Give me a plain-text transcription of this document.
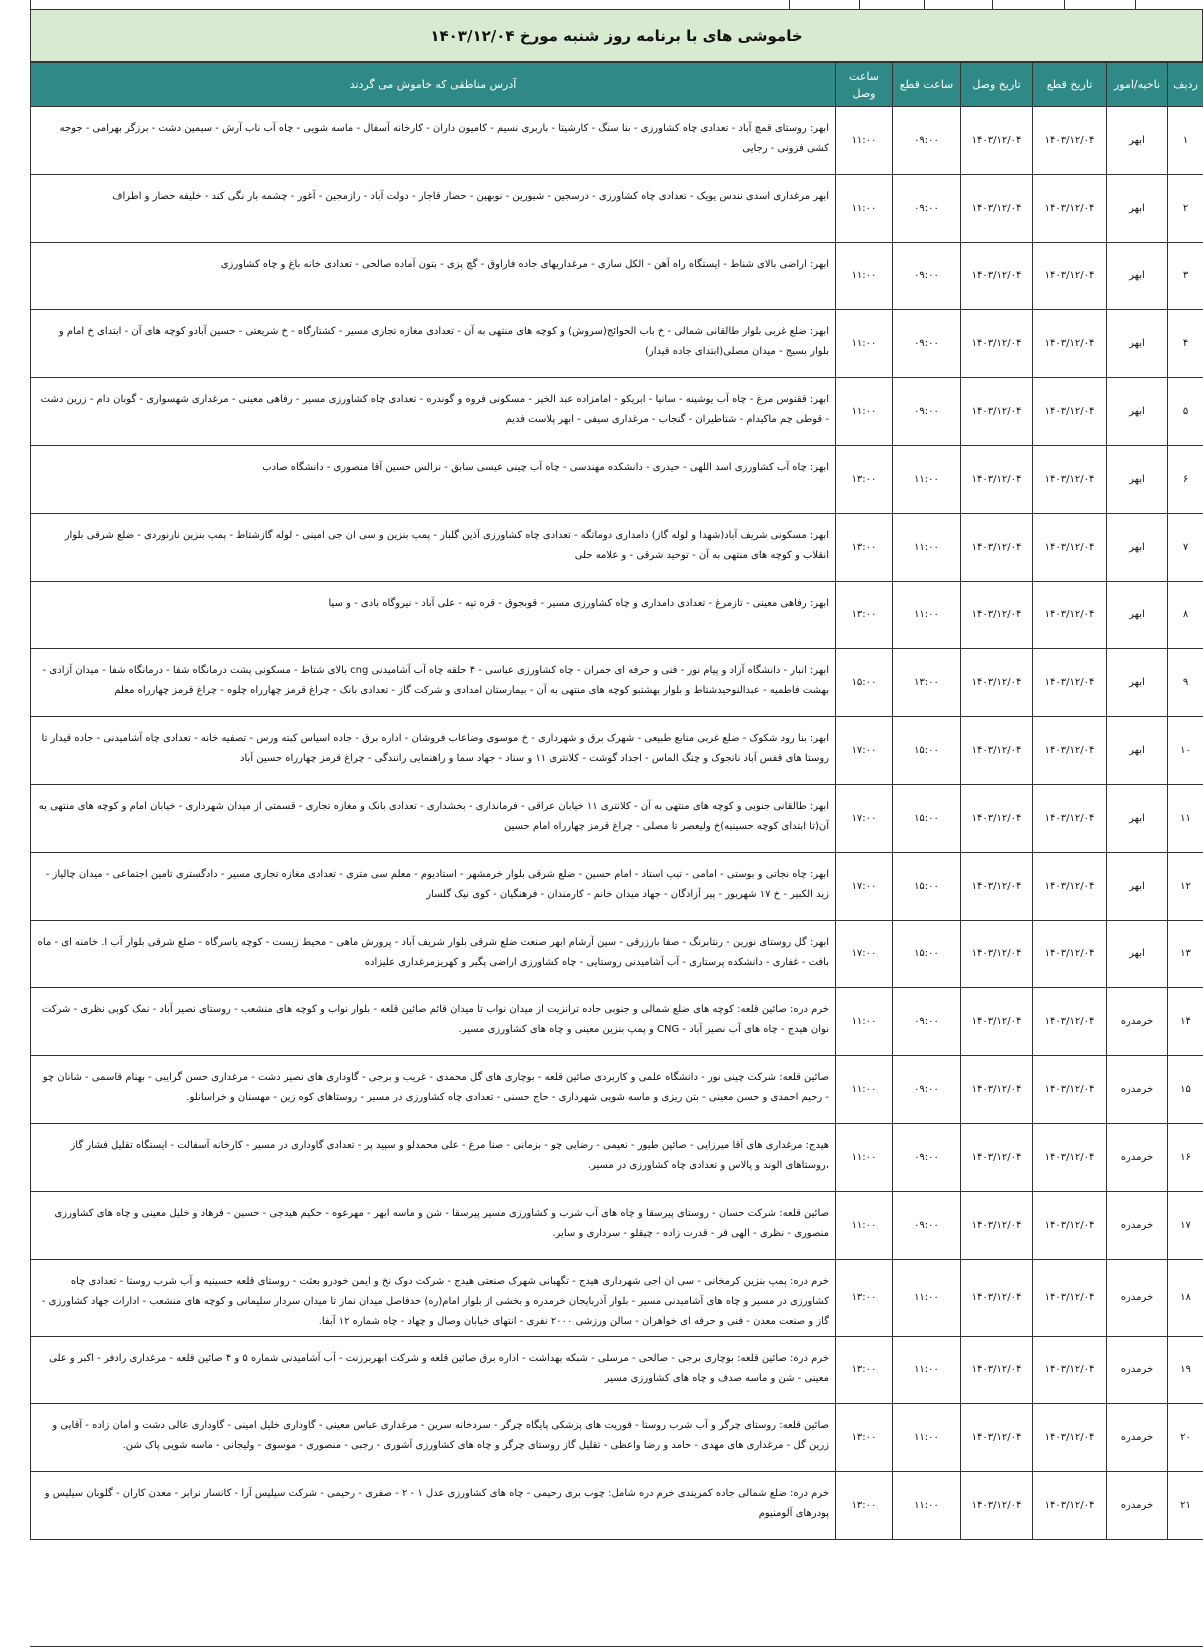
خاموشی های با برنامه روز شنبه مورخ ۱۴۰۳/۱۲/۰۴
ردیف	ناحیه/امور	تاریخ قطع	تاریخ وصل	ساعت قطع	ساعت وصل	آدرس مناطقی که خاموش می گردند
۱	ابهر	۱۴۰۳/۱۲/۰۴	۱۴۰۳/۱۲/۰۴	۰۹:۰۰	۱۱:۰۰	ابهر: روستای قمچ آباد - تعدادی چاه کشاورزی - بنا سنگ - کارشیتا - باربری نسیم - کامیون داران - کارخانه آسفال - ماسه شویی - چاه آب ناب آرش - سیمین دشت - برزگر بهرامی - جوجه کشی فزونی - رجایی
۲	ابهر	۱۴۰۳/۱۲/۰۴	۱۴۰۳/۱۲/۰۴	۰۹:۰۰	۱۱:۰۰	ابهر مرغداری اسدی نندس یویک - تعدادی چاه کشاورزی - درسجین - شیورین - نوبهین - حصار قاجار - دولت آباد - رازمجین - آغور - چشمه بار نگی کند - خلیفه حصار و اطراف
۳	ابهر	۱۴۰۳/۱۲/۰۴	۱۴۰۳/۱۲/۰۴	۰۹:۰۰	۱۱:۰۰	ابهر: اراضی بالای شناط - ایستگاه راه آهن - الکل سازی - مرغداریهای جاده فاراوق - گچ پزی - بتون آماده صالحی - تعدادی خانه باغ و چاه کشاورزی
۴	ابهر	۱۴۰۳/۱۲/۰۴	۱۴۰۳/۱۲/۰۴	۰۹:۰۰	۱۱:۰۰	ابهر: ضلع غربی بلوار طالقانی شمالی - خ باب الحوائج(سروش) و کوچه های منتهی به آن - تعدادی مغازه تجاری مسیر - کشتارگاه - خ شریعتی - حسین آبادو کوچه های آن - ابتدای خ امام و بلوار بسیج - میدان مصلی(ابتدای جاده قیدار)
۵	ابهر	۱۴۰۳/۱۲/۰۴	۱۴۰۳/۱۲/۰۴	۰۹:۰۰	۱۱:۰۰	ابهر: ققنوس مرغ - چاه آب یوشینه - سانیا - ابریکو - امامزاده عبد الخیر - مسکونی فروه و گوندره - تعدادی چاه کشاورزی مسیر - رفاهی معینی - مرغداری شهسواری - گوبان دام - زرین دشت - قوطی چم ماکیدام - شتاطیران - گنجاب - مرغداری سیفی - ابهر پلاست فدیم
۶	ابهر	۱۴۰۳/۱۲/۰۴	۱۴۰۳/۱۲/۰۴	۱۱:۰۰	۱۳:۰۰	ابهر: چاه آب کشاورزی اسد اللهی - حیدری - دانشکده مهندسی - چاه آب چینی عیسی سابق - نرالس حسین آقا منصوری - دانشگاه صادب
۷	ابهر	۱۴۰۳/۱۲/۰۴	۱۴۰۳/۱۲/۰۴	۱۱:۰۰	۱۳:۰۰	ابهر: مسکونی شریف آباد(شهدا و لوله گاز) دامداری دوماتگه - تعدادی چاه کشاورزی آذین گلبار - پمپ بنزین و سی ان جی امینی - لوله گازشتاط - پمپ بنزین نارنوردی - ضلع شرقی بلوار انقلاب و کوچه های منتهی به آن - توحید شرقی - و علامه حلی
۸	ابهر	۱۴۰۳/۱۲/۰۴	۱۴۰۳/۱۲/۰۴	۱۱:۰۰	۱۳:۰۰	ابهر: رفاهی معینی - تازمرغ - تعدادی دامداری و چاه کشاورزی مسیر - قوبجوق - قره تپه - علی آباد - نیروگاه بادی - و سیا
۹	ابهر	۱۴۰۳/۱۲/۰۴	۱۴۰۳/۱۲/۰۴	۱۳:۰۰	۱۵:۰۰	ابهر: انبار - دانشگاه آزاد و پیام نور - فنی و حرفه ای جمران - چاه کشاورزی عباسی - ۴ حلقه چاه آب آشامیدنی cng بالای شتاط - مسکونی پشت درمانگاه شفا - درمانگاه شفا - میدان آزادی - بهشت فاطمیه - عبدالنوحیدشتاط و بلوار بهشتبو کوچه های منتهی به آن - بیمارستان امدادی و شرکت گاز - تعدادی بانک - چراغ قرمز چهارراه چلوه - چراغ قرمز چهارراه معلم
۱۰	ابهر	۱۴۰۳/۱۲/۰۴	۱۴۰۳/۱۲/۰۴	۱۵:۰۰	۱۷:۰۰	ابهر: بنا رود شکوک - ضلع غربی منابع طبیعی - شهرک برق و شهرداری - خ موسوی وضاعاب فروشان - اداره برق - جاده اسیاس کبته ورس - تصفیه خانه - تعدادی چاه آشامیدنی - جاده قیدار تا روستا های قفس آباد نانجوک و چنگ الماس - اجداد گوشت - کلانتری ۱۱ و سناد - جهاد سما و راهنمایی رانندگی - چراغ قرمز چهارراه حسین آباد
۱۱	ابهر	۱۴۰۳/۱۲/۰۴	۱۴۰۳/۱۲/۰۴	۱۵:۰۰	۱۷:۰۰	ابهر: طالقانی جنوبی و کوچه های منتهی به آن - کلانتری ۱۱ خیابان عراقی - فرمانداری - بخشداری - تعدادی بانک و مغازه تجاری - قسمتی از میدان شهرداری - خیابان امام و کوچه های منتهی به آن(تا ابتدای کوچه حسینیه)خ ولیعصر تا مصلی - چراغ قرمز چهارراه امام حسین
۱۲	ابهر	۱۴۰۳/۱۲/۰۴	۱۴۰۳/۱۲/۰۴	۱۵:۰۰	۱۷:۰۰	ابهر: چاه نجاتی و بوستی - امامی - تیپ استاد - امام حسین - ضلع شرقی بلوار خرمشهر - استادیوم - معلم سی متری - تعدادی مغازه تجاری مسیر - دادگستری تامین اجتماعی - میدان چالیاز - زید الکبیر - خ ۱۷ شهریور - پیر آزادگان - جهاد میدان خانم - کارمندان - فرهنگیان - کوی نیک گلسار
۱۳	ابهر	۱۴۰۳/۱۲/۰۴	۱۴۰۳/۱۲/۰۴	۱۵:۰۰	۱۷:۰۰	ابهر: گل روستای نورین - رنتابرنگ - صفا بارزرقی - سین آرشام ابهر صنعت ضلع شرقی بلوار شریف آباد - پرورش ماهی - محیط زیست - کوچه یاسرگاه - ضلع شرقی بلوار آب ا. خامنه ای - ماه بافت - غفاری - دانشکده پرستاری - آب آشامیدنی روستایی - چاه کشاورزی اراضی پگیر و کهریزمرغداری علیزاده
۱۴	خرمدره	۱۴۰۳/۱۲/۰۴	۱۴۰۳/۱۲/۰۴	۰۹:۰۰	۱۱:۰۰	خرم دره: صائین قلعه: کوچه های ضلع شمالی و جنوبی جاده ترانزیت از میدان نواب تا میدان قائم صائین قلعه - بلوار نواب و کوچه های منشعب - روستای نصیر آباد - نمک کوبی نظری - شرکت نوان هیدج - چاه های آب نصیر آباد - CNG و پمپ بنزین معینی و چاه های کشاورزی مسیر.
۱۵	خرمدره	۱۴۰۳/۱۲/۰۴	۱۴۰۳/۱۲/۰۴	۰۹:۰۰	۱۱:۰۰	صائین قلعه: شرکت چینی نور - دانشگاه علمی و کاربردی صائین قلعه - بوچاری های گل محمدی - غریب و برجی - گاوداری های نصیر دشت - مرغداری حسن گرایبی - بهنام قاسمی - شانان چو - رحیم احمدی و حسن معینی - بتن ریزی و ماسه شویی شهرداری - حاج حسنی - تعدادی چاه کشاورزی در مسیر - روستاهای کوه زین - مهسنان و خراسانلو.
۱۶	خرمدره	۱۴۰۳/۱۲/۰۴	۱۴۰۳/۱۲/۰۴	۰۹:۰۰	۱۱:۰۰	هیدج: مرغداری های آقا میرزایی - صائین طیور - نعیمی - رضایی چو - بزمانی - صنا مرغ - علی محمدلو و سپید پر - تعدادی گاوداری در مسیر - کارخانه آسفالت - ایستگاه تقلیل فشار گاز ،روستاهای الوند و پالاس و تعدادی چاه کشاورزی در مسیر.
۱۷	خرمدره	۱۴۰۳/۱۲/۰۴	۱۴۰۳/۱۲/۰۴	۰۹:۰۰	۱۱:۰۰	صائین قلعه: شرکت حسان - روستای پیرسقا و چاه های آب شرب و کشاورزی مسیر پیرسقا - شن و ماسه ابهر - مهرعوه - حکیم هیدجی - حسین - فرهاد و خلیل معینی و چاه های کشاورزی منصوری - نظری - الهی فر - قدرت زاده - چیقلو - سرداری و سایر.
۱۸	خرمدره	۱۴۰۳/۱۲/۰۴	۱۴۰۳/۱۲/۰۴	۱۱:۰۰	۱۳:۰۰	خرم دره: پمپ بنزین کرمخانی - سی ان اجی شهرداری هیدج - تگهبانی شهرک صنعتی هیدج - شرکت دوک نخ و ایمن خودرو بعثت - روستای قلعه حسینیه و آب شرب روستا - تعدادی چاه کشاورزی در مسیر و چاه های آشامیدنی مسیر - بلوار آذربایجان خرمدره و بخشی از بلوار امام(ره) حدفاصل میدان نماز تا میدان سردار سلیمانی و کوچه های منشعب - ادارات جهاد کشاورزی - گاز و صنعت معدن - فنی و حرفه ای خواهران - سالن ورزشی ۲۰۰۰ نفری - انتهای خیابان وصال و چهاد - چاه شماره ۱۲ آبفا.
۱۹	خرمدره	۱۴۰۳/۱۲/۰۴	۱۴۰۳/۱۲/۰۴	۱۱:۰۰	۱۳:۰۰	خرم دره: صائین قلعه: بوچاری برجی - صالحی - مرسلی - شبکه بهداشت - اداره برق صائین قلعه و شرکت ابهربرزنت - آب آشامیدنی شماره ۵ و ۴ صائین قلعه - مرغداری رادفر - اکبر و علی معینی - شن و ماسه صدف و چاه های کشاورزی مسیر
۲۰	خرمدره	۱۴۰۳/۱۲/۰۴	۱۴۰۳/۱۲/۰۴	۱۱:۰۰	۱۳:۰۰	صائین قلعه: روستای چرگر و آب شرب روستا - فوریت های پزشکی پایگاه چرگر - سردخانه سرین - مرغداری عباس معینی - گاوداری خلیل امینی - گاوداری عالی دشت و امان زاده - آقایی و زرین گل - مرغداری های مهدی - حامد و رضا واعظی - تقلیل گاز روستای چرگر و چاه های کشاورزی آشوری - رجبی - منصوری - موسوی - ولیجانی - ماسه شویی پاک شن.
۲۱	خرمدره	۱۴۰۳/۱۲/۰۴	۱۴۰۳/۱۲/۰۴	۱۱:۰۰	۱۳:۰۰	خرم دره: ضلع شمالی جاده کمربندی خرم دره شامل: چوب بری رحیمی - چاه های کشاورزی عدل ۱ - ۲ - صفری - رحیمی - شرکت سیلیس آرا - کانسار نرابر - معدن کاران - گلوبان سیلیس و پودرهای آلومنیوم
